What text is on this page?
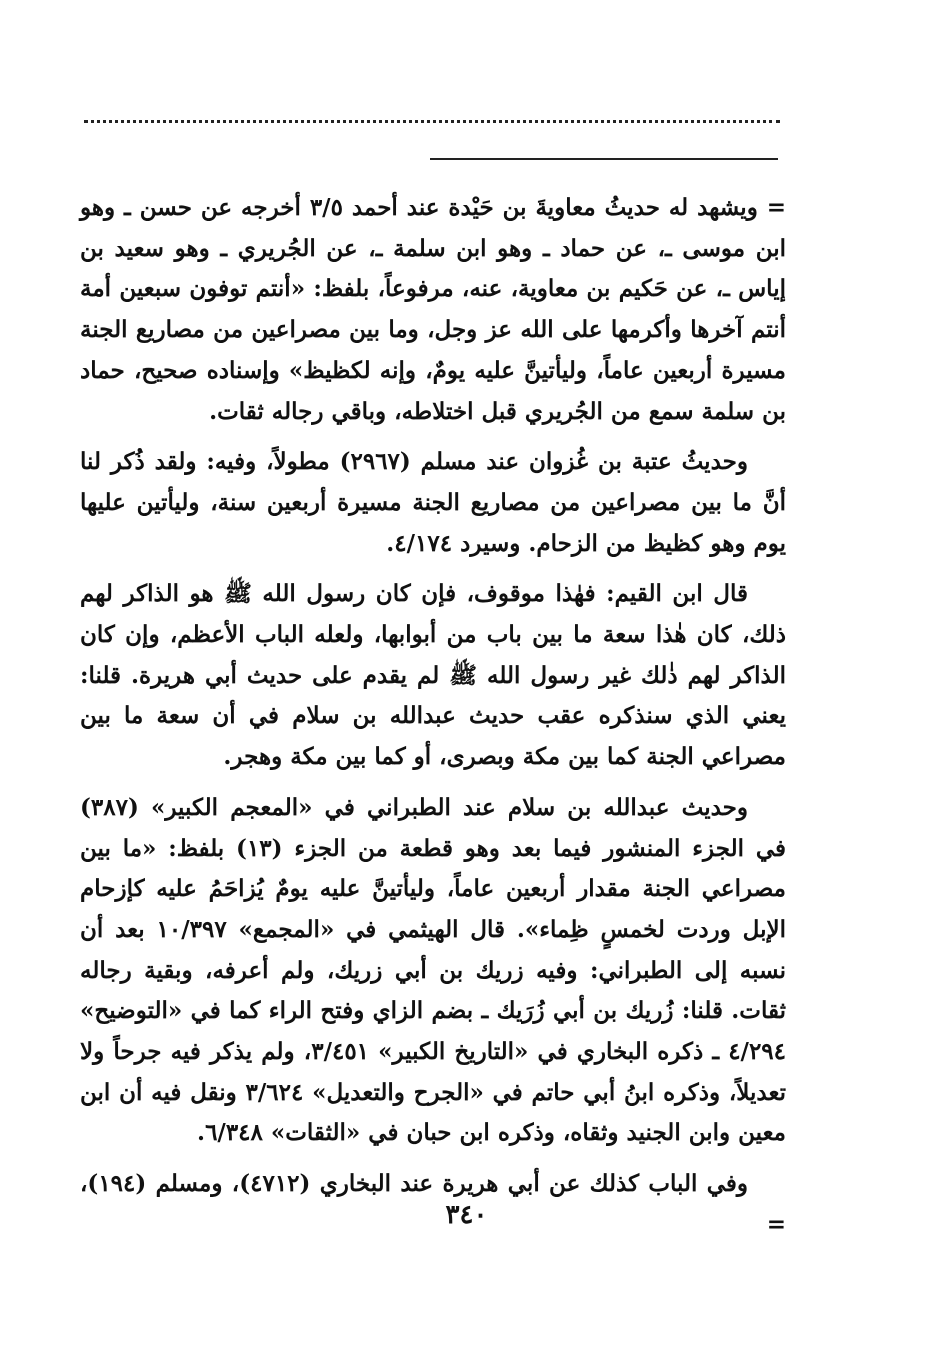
= ويشهد له حديثُ معاويةَ بن حَيْدة عند أحمد ٣/٥ أخرجه عن حسن ـ وهو ابن موسى ـ، عن حماد ـ وهو ابن سلمة ـ، عن الجُريري ـ وهو سعيد بن إياس ـ، عن حَكيم بن معاوية، عنه، مرفوعاً، بلفظ: «أنتم توفون سبعين أمة أنتم آخرها وأكرمها على الله عز وجل، وما بين مصراعين من مصاريع الجنة مسيرة أربعين عاماً، وليأتينَّ عليه يومٌ، وإنه لكظيظ» وإسناده صحيح، حماد بن سلمة سمع من الجُريري قبل اختلاطه، وباقي رجاله ثقات.

وحديثُ عتبة بن غُزوان عند مسلم (٢٩٦٧) مطولاً، وفيه: ولقد ذُكر لنا أنَّ ما بين مصراعين من مصاريع الجنة مسيرة أربعين سنة، وليأتين عليها يوم وهو كظيظ من الزحام. وسيرد ٤/١٧٤.

قال ابن القيم: فهٰذا موقوف، فإن كان رسول الله ﷺ هو الذاكر لهم ذلك، كان هٰذا سعة ما بين باب من أبوابها، ولعله الباب الأعظم، وإن كان الذاكر لهم ذٰلك غير رسول الله ﷺ لم يقدم على حديث أبي هريرة. قلنا: يعني الذي سنذكره عقب حديث عبدالله بن سلام في أن سعة ما بين مصراعي الجنة كما بين مكة وبصرى، أو كما بين مكة وهجر.

وحديث عبدالله بن سلام عند الطبراني في «المعجم الكبير» (٣٨٧) في الجزء المنشور فيما بعد وهو قطعة من الجزء (١٣) بلفظ: «ما بين مصراعي الجنة مقدار أربعين عاماً، وليأتينَّ عليه يومٌ يُزاحَمُ عليه كإزحام الإبل وردت لخمسٍ ظِماء». قال الهيثمي في «المجمع» ١٠/٣٩٧ بعد أن نسبه إلى الطبراني: وفيه زريك بن أبي زريك، ولم أعرفه، وبقية رجاله ثقات. قلنا: زُريك بن أبي زُرَيك ـ بضم الزاي وفتح الراء كما في «التوضيح» ٤/٢٩٤ ـ ذكره البخاري في «التاريخ الكبير» ٣/٤٥١، ولم يذكر فيه جرحاً ولا تعديلاً، وذكره ابنُ أبي حاتم في «الجرح والتعديل» ٣/٦٢٤ ونقل فيه أن ابن معين وابن الجنيد وثقاه، وذكره ابن حبان في «الثقات» ٦/٣٤٨.

وفي الباب كذلك عن أبي هريرة عند البخاري (٤٧١٢)، ومسلم (١٩٤)، =

٣٤٠
